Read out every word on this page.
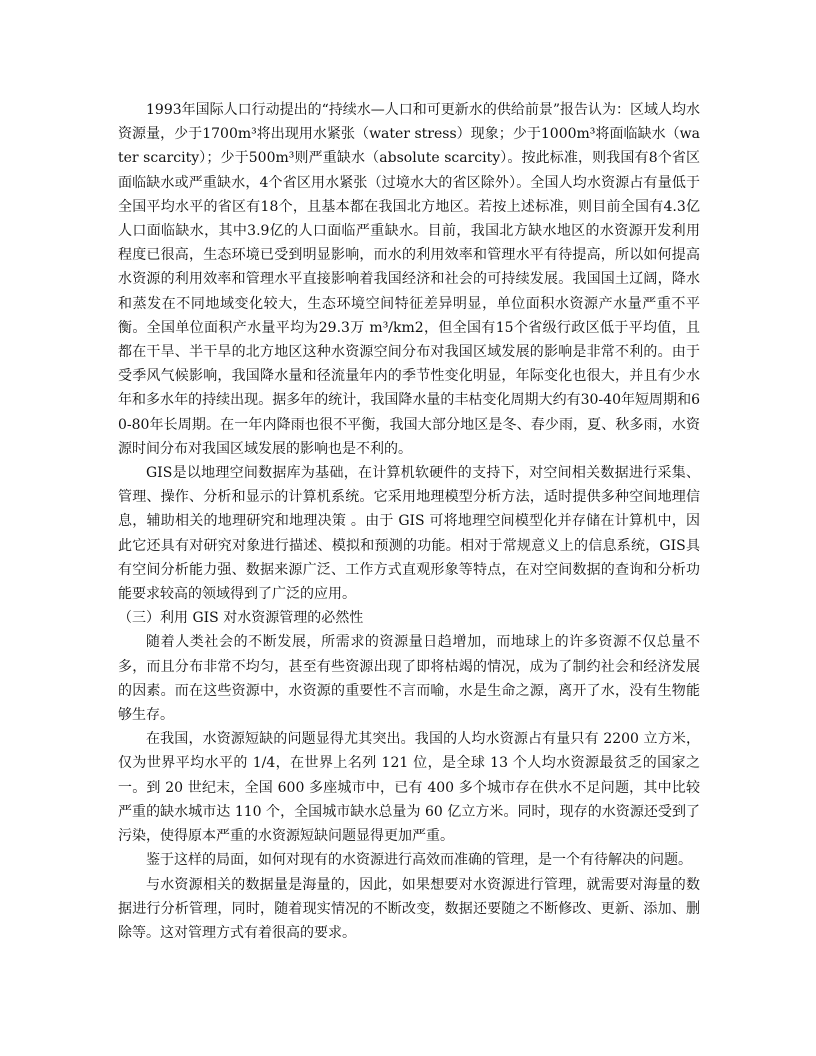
1993年国际人口行动提出的“持续水—人口和可更新水的供给前景”报告认为：区域人均水资源量，少于1700m³将出现用水紧张（water stress）现象；少于1000m³将面临缺水（water scarcity）；少于500m³则严重缺水（absolute scarcity）。按此标准，则我国有8个省区面临缺水或严重缺水，4个省区用水紧张（过境水大的省区除外）。全国人均水资源占有量低于全国平均水平的省区有18个，且基本都在我国北方地区。若按上述标准，则目前全国有4.3亿人口面临缺水，其中3.9亿的人口面临严重缺水。目前，我国北方缺水地区的水资源开发利用程度已很高，生态环境已受到明显影响，而水的利用效率和管理水平有待提高，所以如何提高水资源的利用效率和管理水平直接影响着我国经济和社会的可持续发展。我国国土辽阔，降水和蒸发在不同地域变化较大，生态环境空间特征差异明显，单位面积水资源产水量严重不平衡。全国单位面积产水量平均为29.3万 m³/km2，但全国有15个省级行政区低于平均值，且都在干旱、半干旱的北方地区这种水资源空间分布对我国区域发展的影响是非常不利的。由于受季风气候影响，我国降水量和径流量年内的季节性变化明显，年际变化也很大，并且有少水年和多水年的持续出现。据多年的统计，我国降水量的丰枯变化周期大约有30-40年短周期和60-80年长周期。在一年内降雨也很不平衡，我国大部分地区是冬、春少雨，夏、秋多雨，水资源时间分布对我国区域发展的影响也是不利的。

GIS是以地理空间数据库为基础，在计算机软硬件的支持下，对空间相关数据进行采集、管理、操作、分析和显示的计算机系统。它采用地理模型分析方法，适时提供多种空间地理信息，辅助相关的地理研究和地理决策 。由于 GIS 可将地理空间模型化并存储在计算机中，因此它还具有对研究对象进行描述、模拟和预测的功能。相对于常规意义上的信息系统，GIS具有空间分析能力强、数据来源广泛、工作方式直观形象等特点，在对空间数据的查询和分析功能要求较高的领域得到了广泛的应用。

（三）利用 GIS 对水资源管理的必然性

随着人类社会的不断发展，所需求的资源量日趋增加，而地球上的许多资源不仅总量不多，而且分布非常不均匀，甚至有些资源出现了即将枯竭的情况，成为了制约社会和经济发展的因素。而在这些资源中，水资源的重要性不言而喻，水是生命之源，离开了水，没有生物能够生存。

在我国，水资源短缺的问题显得尤其突出。我国的人均水资源占有量只有 2200 立方米，仅为世界平均水平的 1/4，在世界上名列 121 位，是全球 13 个人均水资源最贫乏的国家之一。到 20 世纪末，全国 600 多座城市中，已有 400 多个城市存在供水不足问题，其中比较严重的缺水城市达 110 个，全国城市缺水总量为 60 亿立方米。同时，现存的水资源还受到了污染，使得原本严重的水资源短缺问题显得更加严重。

鉴于这样的局面，如何对现有的水资源进行高效而准确的管理，是一个有待解决的问题。

与水资源相关的数据量是海量的，因此，如果想要对水资源进行管理，就需要对海量的数据进行分析管理，同时，随着现实情况的不断改变，数据还要随之不断修改、更新、添加、删除等。这对管理方式有着很高的要求。
